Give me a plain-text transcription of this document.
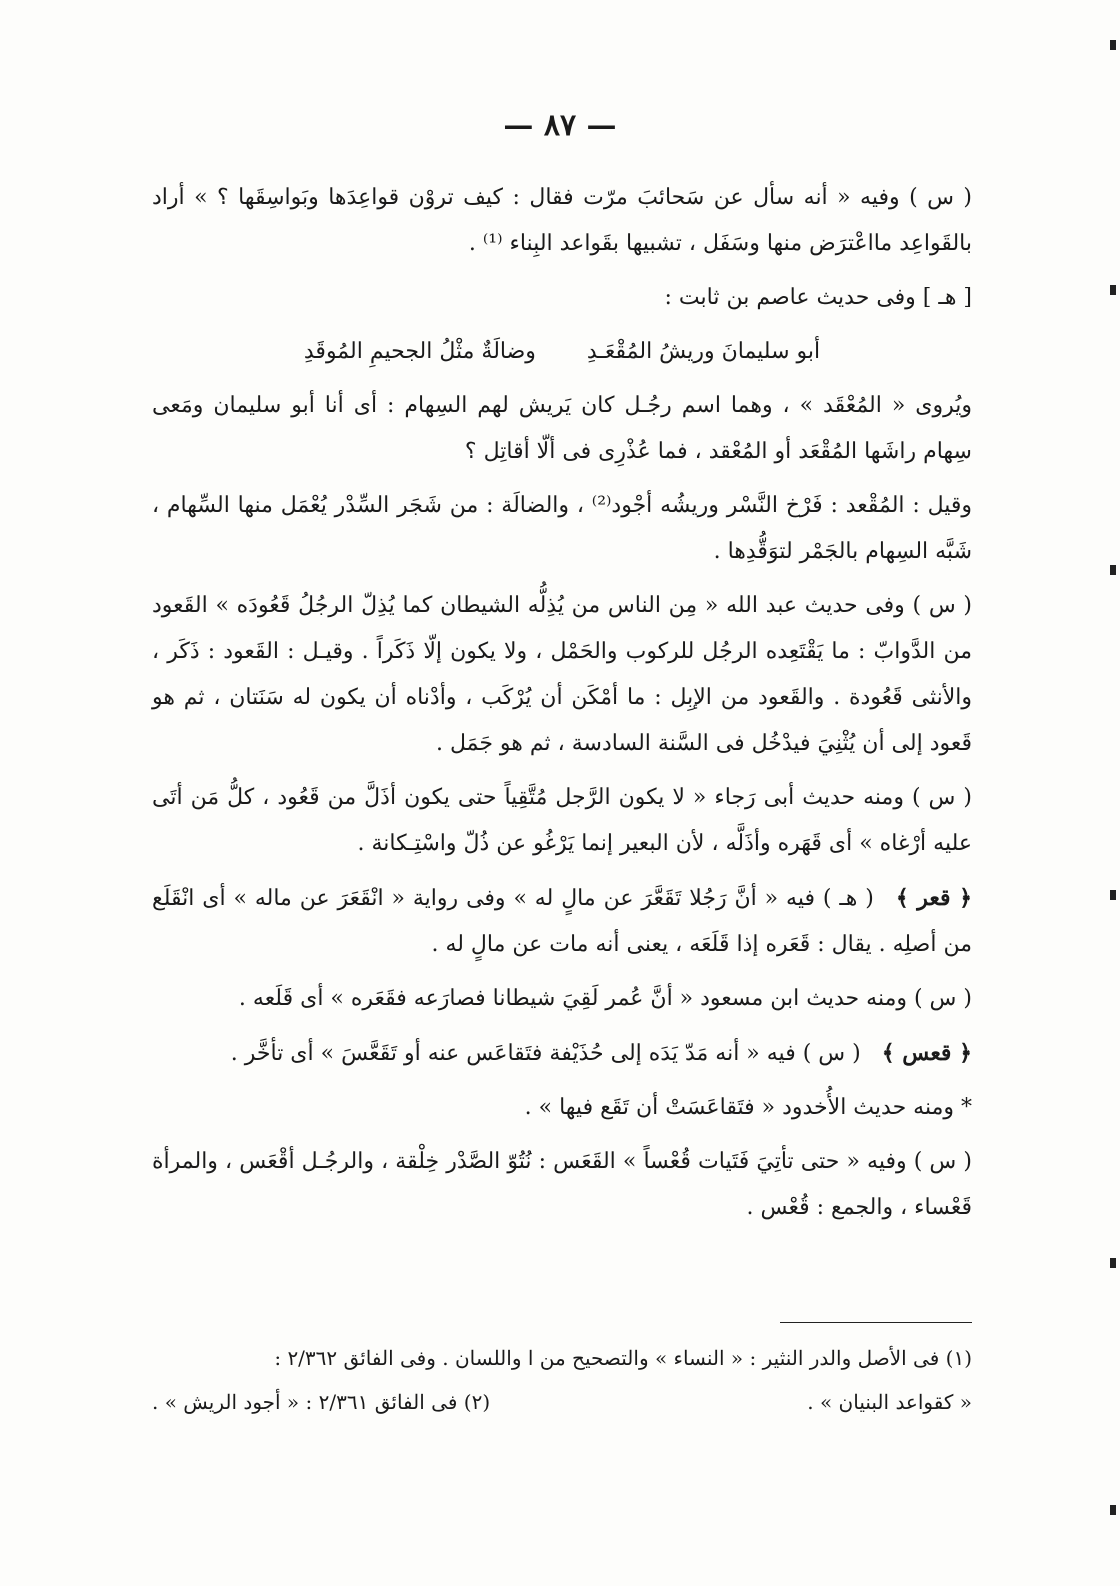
— ٨٧ —

( س ) وفيه « أنه سأل عن سَحائبَ مرّت فقال : كيف تروْن قواعِدَها وبَواسِقَها ؟ » أراد بالقَواعِد مااعْترَض منها وسَفَل ، تشبيها بقَواعد البِناء ⁽¹⁾ .

[ هـ ] وفى حديث عاصم بن ثابت :

أبو سليمانَ وريشُ المُقْعَـدِ وضالَةٌ مثْلُ الجحيمِ المُوقَدِ

ويُروى « المُعْقَد » ، وهما اسم رجُـل كان يَريش لهم السِهام : أى أنا أبو سليمان ومَعى سِهام راشَها المُقْعَد أو المُعْقد ، فما عُذْرِى فى ألّا أقاتِل ؟

وقيل : المُقْعد : فَرْخ النَّسْر وريشُه أجْود⁽²⁾ ، والضالَة : من شَجَر السِّدْر يُعْمَل منها السِّهام ، شَبَّه السِهام بالجَمْر لتوَقُّدِها .

( س ) وفى حديث عبد الله « مِن الناس من يُذِلُّه الشيطان كما يُذِلّ الرجُلُ قَعُودَه » القَعود من الدَّوابّ : ما يَقْتَعِده الرجُل للركوب والحَمْل ، ولا يكون إلّا ذَكَراً . وقيـل : القَعود : ذَكَر ، والأنثى قَعُودة . والقَعود من الإبِل : ما أمْكَن أن يُرْكَب ، وأدْناه أن يكون له سَنَتان ، ثم هو قَعود إلى أن يُثْنِيَ فيدْخُل فى السَّنة السادسة ، ثم هو جَمَل .

( س ) ومنه حديث أبى رَجاء « لا يكون الرَّجل مُتَّقِياً حتى يكون أذَلَّ من قَعُود ، كلُّ مَن أتَى عليه أرْغاه » أى قَهَره وأذَلَّه ، لأن البعير إنما يَرْغُو عن ذُلّ واسْتِـكانة .

﴿ قعر ﴾ ( هـ ) فيه « أنَّ رَجُلا تَقَعَّرَ عن مالٍ له » وفى رواية « انْقَعَرَ عن ماله » أى انْقَلَع من أصلِه . يقال : قَعَره إذا قَلَعَه ، يعنى أنه مات عن مالٍ له .

( س ) ومنه حديث ابن مسعود « أنَّ عُمر لَقِيَ شيطانا فصارَعه فقَعَره » أى قَلَعه .

﴿ قعس ﴾ ( س ) فيه « أنه مَدّ يَدَه إلى حُذَيْفة فتَقاعَس عنه أو تَقَعَّسَ » أى تأخَّر .

* ومنه حديث الأُخدود « فتَقاعَسَتْ أن تَقَع فيها » .

( س ) وفيه « حتى تأتِيَ فَتَيات قُعْساً » القَعَس : نُتُوّ الصَّدْر خِلْقة ، والرجُـل أقْعَس ، والمرأة قَعْساء ، والجمع : قُعْس .

(١) فى الأصل والدر النثير : « النساء » والتصحيح من ا واللسان . وفى الفائق ٢/٣٦٢ :

« كقواعد البنيان » .
(٢) فى الفائق ٢/٣٦١ : « أجود الريش » .
